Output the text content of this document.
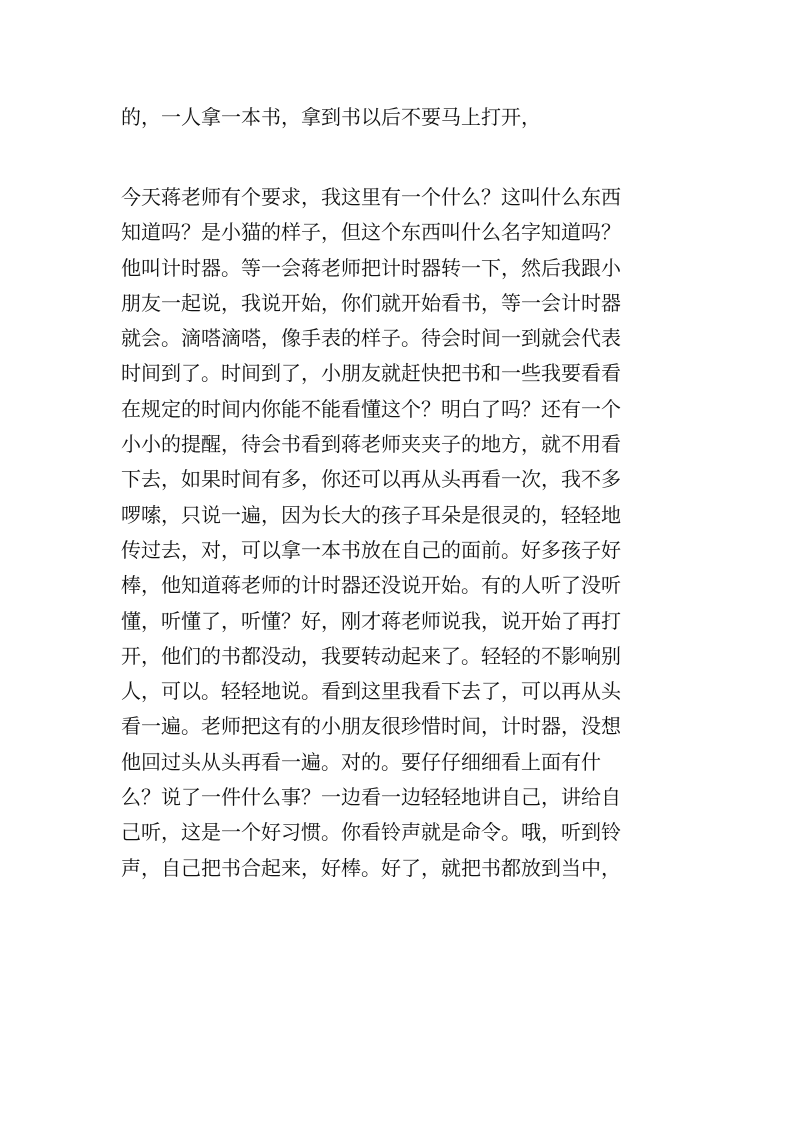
的，一人拿一本书，拿到书以后不要马上打开，
今天蒋老师有个要求，我这里有一个什么？这叫什么东西
知道吗？是小猫的样子，但这个东西叫什么名字知道吗？
他叫计时器。等一会蒋老师把计时器转一下，然后我跟小
朋友一起说，我说开始，你们就开始看书，等一会计时器
就会。滴嗒滴嗒，像手表的样子。待会时间一到就会代表
时间到了。时间到了，小朋友就赶快把书和一些我要看看
在规定的时间内你能不能看懂这个？明白了吗？还有一个
小小的提醒，待会书看到蒋老师夹夹子的地方，就不用看
下去，如果时间有多，你还可以再从头再看一次，我不多
啰嗦，只说一遍，因为长大的孩子耳朵是很灵的，轻轻地
传过去，对，可以拿一本书放在自己的面前。好多孩子好
棒，他知道蒋老师的计时器还没说开始。有的人听了没听
懂，听懂了，听懂？好，刚才蒋老师说我，说开始了再打
开，他们的书都没动，我要转动起来了。轻轻的不影响别
人，可以。轻轻地说。看到这里我看下去了，可以再从头
看一遍。老师把这有的小朋友很珍惜时间，计时器，没想
他回过头从头再看一遍。对的。要仔仔细细看上面有什
么？说了一件什么事？一边看一边轻轻地讲自己，讲给自
己听，这是一个好习惯。你看铃声就是命令。哦，听到铃
声，自己把书合起来，好棒。好了，就把书都放到当中，
